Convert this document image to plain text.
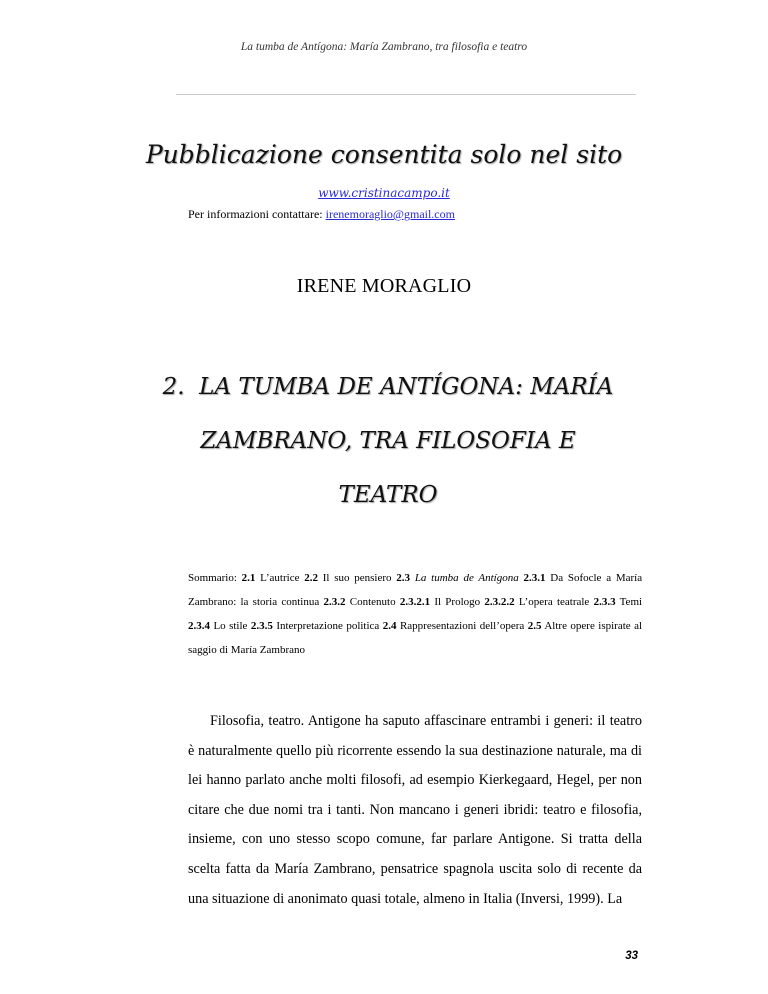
La tumba de Antígona: María Zambrano, tra filosofia e teatro
Pubblicazione consentita solo nel sito
www.cristinacampo.it
Per informazioni contattare: irenemoraglio@gmail.com
IRENE MORAGLIO
2.  LA TUMBA DE ANTÍGONA: MARÍA
ZAMBRANO, TRA FILOSOFIA E TEATRO
Sommario: 2.1 L’autrice 2.2 Il suo pensiero 2.3 La tumba de Antígona 2.3.1 Da Sofocle a María Zambrano: la storia continua 2.3.2 Contenuto 2.3.2.1 Il Prologo 2.3.2.2 L’opera teatrale 2.3.3 Temi 2.3.4 Lo stile 2.3.5 Interpretazione politica 2.4 Rappresentazioni dell’opera 2.5 Altre opere ispirate al saggio di María Zambrano
Filosofia, teatro. Antigone ha saputo affascinare entrambi i generi: il teatro è naturalmente quello più ricorrente essendo la sua destinazione naturale, ma di lei hanno parlato anche molti filosofi, ad esempio Kierkegaard, Hegel, per non citare che due nomi tra i tanti. Non mancano i generi ibridi: teatro e filosofia, insieme, con uno stesso scopo comune, far parlare Antigone. Si tratta della scelta fatta da María Zambrano, pensatrice spagnola uscita solo di recente da una situazione di anonimato quasi totale, almeno in Italia (Inversi, 1999). La
33
